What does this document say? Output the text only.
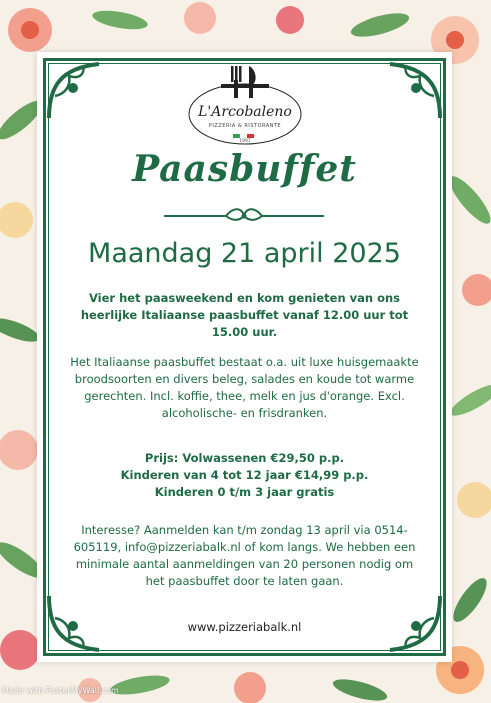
L'Arcobaleno
PIZZERIA & RISTORANTE
1997
Paasbuffet
Maandag 21 april 2025
Vier het paasweekend en kom genieten van ons heerlijke Italiaanse paasbuffet vanaf 12.00 uur tot 15.00 uur.
Het Italiaanse paasbuffet bestaat o.a. uit luxe huisgemaakte broodsoorten en divers beleg, salades en koude tot warme gerechten. Incl. koffie, thee, melk en jus d'orange. Excl. alcoholische- en frisdranken.
Prijs: Volwassenen €29,50 p.p.
Kinderen van 4 tot 12 jaar €14,99 p.p.
Kinderen 0 t/m 3 jaar gratis
Interesse? Aanmelden kan t/m zondag 13 april via 0514-605119, info@pizzeriabalk.nl of kom langs. We hebben een minimale aantal aanmeldingen van 20 personen nodig om het paasbuffet door te laten gaan.
www.pizzeriabalk.nl
Made with PosterMyWall.com
